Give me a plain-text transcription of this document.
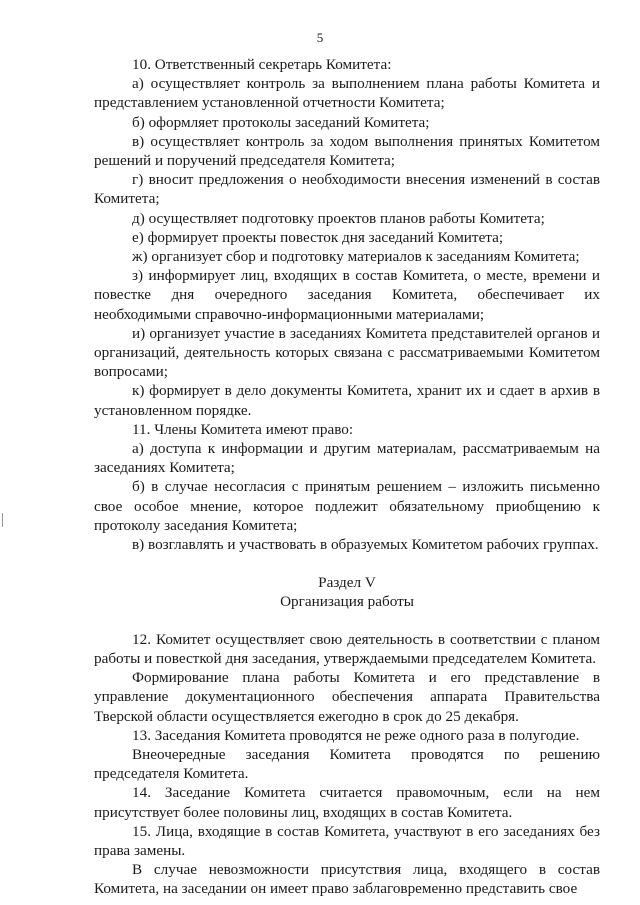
5

10. Ответственный секретарь Комитета:

а) осуществляет контроль за выполнением плана работы Комитета и представлением установленной отчетности Комитета;

б) оформляет протоколы заседаний Комитета;

в) осуществляет контроль за ходом выполнения принятых Комитетом решений и поручений председателя Комитета;

г) вносит предложения о необходимости внесения изменений в состав Комитета;

д) осуществляет подготовку проектов планов работы Комитета;

е) формирует проекты повесток дня заседаний Комитета;

ж) организует сбор и подготовку материалов к заседаниям Комитета;

з) информирует лиц, входящих в состав Комитета, о месте, времени и повестке дня очередного заседания Комитета, обеспечивает их необходимыми справочно-информационными материалами;

и) организует участие в заседаниях Комитета представителей органов и организаций, деятельность которых связана с рассматриваемыми Комитетом вопросами;

к) формирует в дело документы Комитета, хранит их и сдает в архив в установленном порядке.

11. Члены Комитета имеют право:

а) доступа к информации и другим материалам, рассматриваемым на заседаниях Комитета;

б) в случае несогласия с принятым решением – изложить письменно свое особое мнение, которое подлежит обязательному приобщению к протоколу заседания Комитета;

в) возглавлять и участвовать в образуемых Комитетом рабочих группах.

Раздел V

Организация работы

12. Комитет осуществляет свою деятельность в соответствии с планом работы и повесткой дня заседания, утверждаемыми председателем Комитета.

Формирование плана работы Комитета и его представление в управление документационного обеспечения аппарата Правительства Тверской области осуществляется ежегодно в срок до 25 декабря.

13. Заседания Комитета проводятся не реже одного раза в полугодие.

Внеочередные заседания Комитета проводятся по решению председателя Комитета.

14. Заседание Комитета считается правомочным, если на нем присутствует более половины лиц, входящих в состав Комитета.

15. Лица, входящие в состав Комитета, участвуют в его заседаниях без права замены.

В случае невозможности присутствия лица, входящего в состав Комитета, на заседании он имеет право заблаговременно представить свое
